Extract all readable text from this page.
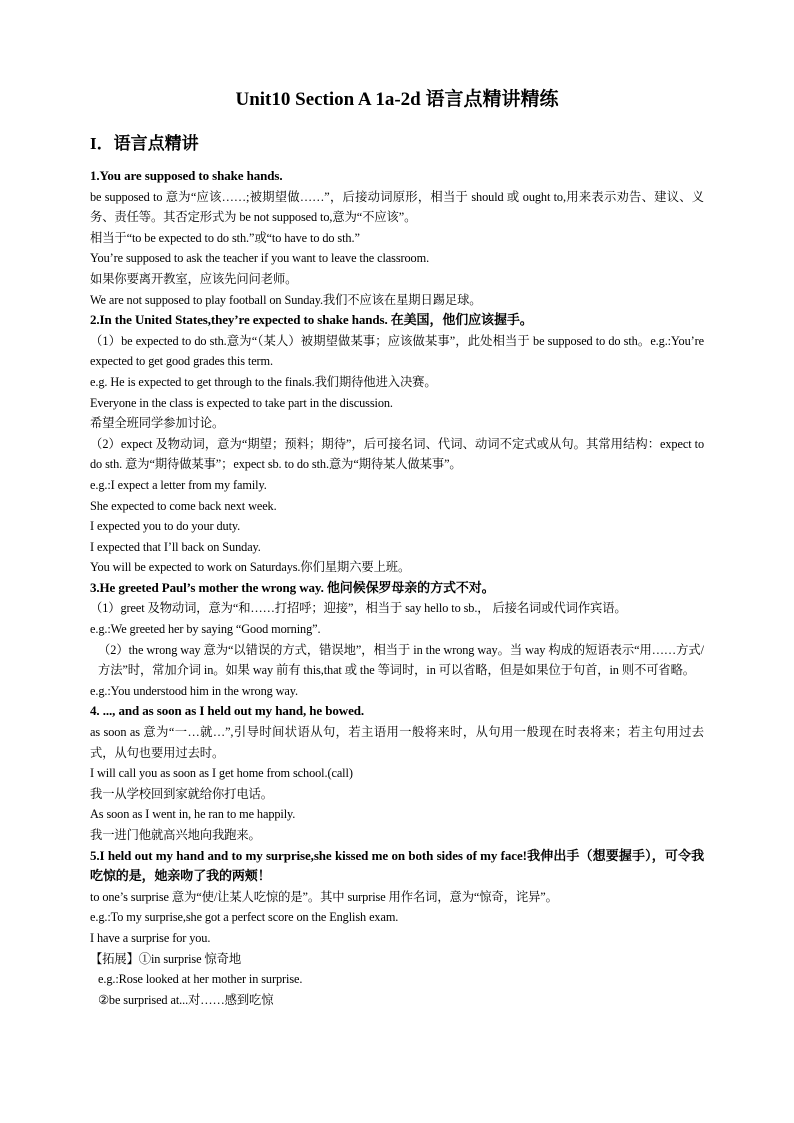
Unit10 Section A 1a-2d 语言点精讲精练
I．语言点精讲
1.You are supposed to shake hands.
be supposed to 意为“应该……;被期望做……”，后接动词原形，相当于 should 或 ought to,用来表示劝告、建议、义务、责任等。其否定形式为 be not supposed to,意为“不应该”。
相当于“to be expected to do sth.”或“to have to do sth.”
You’re supposed to ask the teacher if you want to leave the classroom.
如果你要离开教室，应该先问问老师。
We are not supposed to play football on Sunday.我们不应该在星期日踢足球。
2.In the United States,they’re expected to shake hands. 在美国，他们应该握手。
（1）be expected to do sth.意为“（某人）被期望做某事；应该做某事”，此处相当于 be supposed to do sth。e.g.:You’re expected to get good grades this term.
e.g. He is expected to get through to the finals.我们期待他进入决赛。
Everyone in the class is expected to take part in the discussion.
希望全班同学参加讨论。
（2）expect 及物动词，意为“期望；预料；期待”，后可接名词、代词、动词不定式或从句。其常用结构：expect to do sth. 意为“期待做某事”；expect sb. to do sth.意为“期待某人做某事”。
e.g.:I expect a letter from my family.
She expected to come back next week.
I expected you to do your duty.
I expected that I’ll back on Sunday.
You will be expected to work on Saturdays.你们星期六要上班。
3.He greeted Paul’s mother the wrong way. 他问候保罗母亲的方式不对。
（1）greet 及物动词，意为“和……打招呼；迎接”，相当于 say hello to sb.， 后接名词或代词作宾语。
e.g.:We greeted her by saying “Good morning”.
（2）the wrong way 意为“以错误的方式，错误地”，相当于 in the wrong way。当 way 构成的短语表示“用……方式/方法”时，常加介词 in。如果 way 前有 this,that 或 the 等词时，in 可以省略，但是如果位于句首，in 则不可省略。
e.g.:You understood him in the wrong way.
4. ..., and as soon as I held out my hand, he bowed.
as soon as 意为“一…就…”,引导时间状语从句，若主语用一般将来时，从句用一般现在时表将来；若主句用过去式，从句也要用过去时。
I will call you as soon as I get home from school.(call)
我一从学校回到家就给你打电话。
As soon as I went in, he ran to me happily.
我一进门他就高兴地向我跑来。
5.I held out my hand and to my surprise,she kissed me on both sides of my face!我伸出手（想要握手），可令我吃惊的是，她亲吻了我的两颊！
to one’s surprise 意为“使/让某人吃惊的是”。其中 surprise 用作名词，意为“惊奇，诧异”。
e.g.:To my surprise,she got a perfect score on the English exam.
I have a surprise for you.
【拓展】①in surprise 惊奇地
e.g.:Rose looked at her mother in surprise.
②be surprised at...对……感到吃惊
